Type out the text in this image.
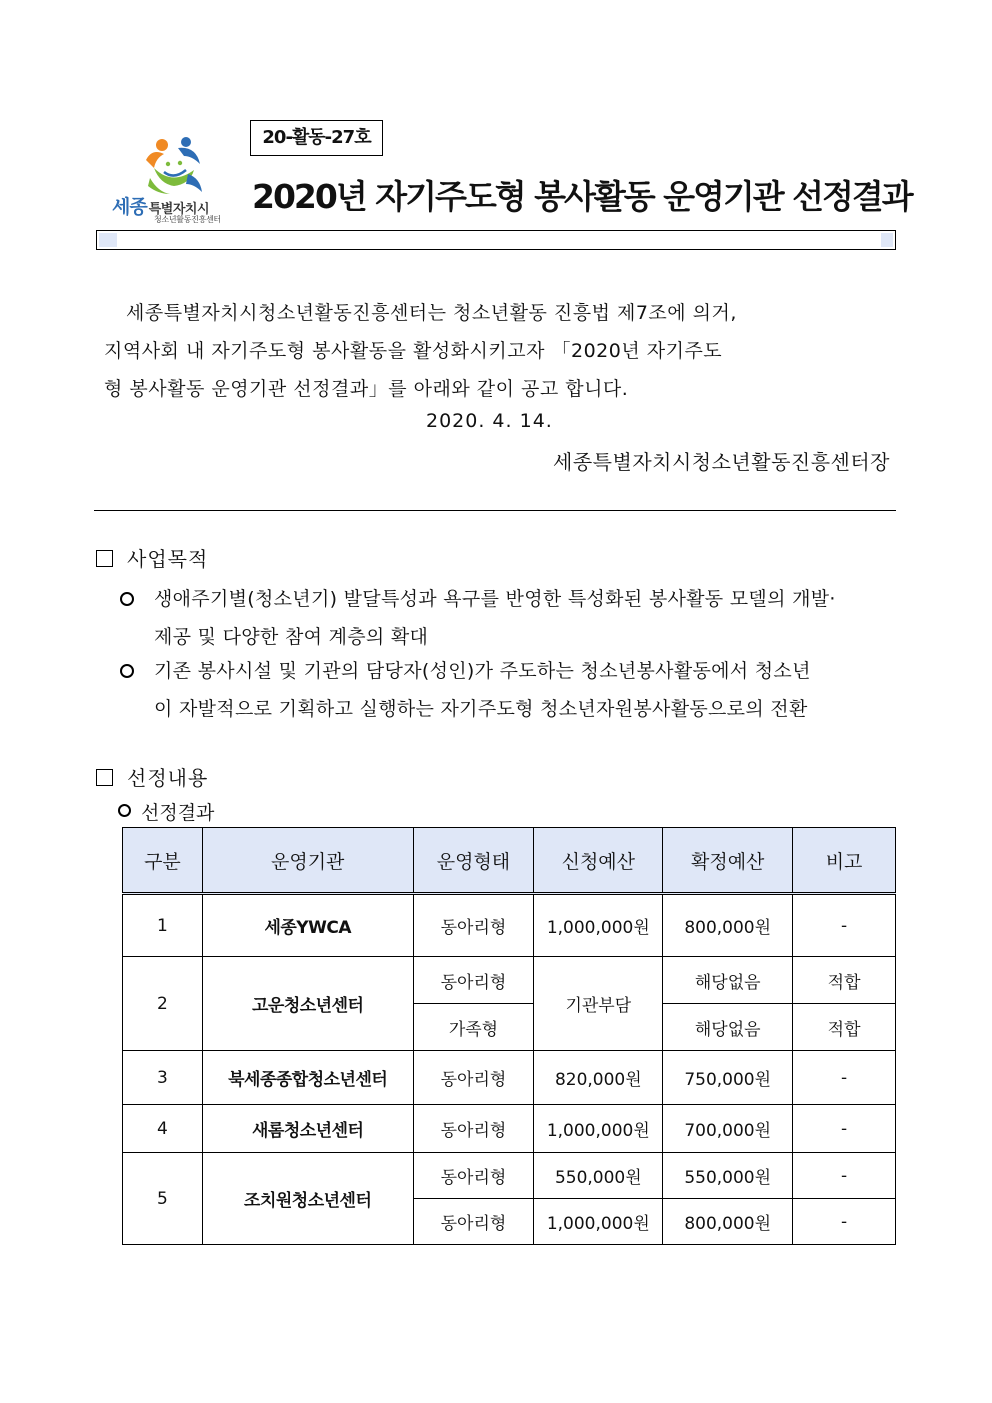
세종 특별자치시
청소년활동진흥센터
20-활동-27호
2020년 자기주도형 봉사활동 운영기관 선정결과
세종특별자치시청소년활동진흥센터는 청소년활동 진흥법 제7조에 의거,
지역사회 내 자기주도형 봉사활동을 활성화시키고자 「2020년 자기주도
형 봉사활동 운영기관 선정결과」를 아래와 같이 공고 합니다.
2020. 4. 14.
세종특별자치시청소년활동진흥센터장
사업목적
생애주기별(청소년기) 발달특성과 욕구를 반영한 특성화된 봉사활동 모델의 개발·
제공 및 다양한 참여 계층의 확대
기존 봉사시설 및 기관의 담당자(성인)가 주도하는 청소년봉사활동에서 청소년
이 자발적으로 기획하고 실행하는 자기주도형 청소년자원봉사활동으로의 전환
선정내용
선정결과
구분	운영기관	운영형태	신청예산	확정예산	비고
1	세종YWCA	동아리형	1,000,000원	800,000원	-
2	고운청소년센터	동아리형	기관부담	해당없음	적합
		가족형		해당없음	적합
3	북세종종합청소년센터	동아리형	820,000원	750,000원	-
4	새롬청소년센터	동아리형	1,000,000원	700,000원	-
5	조치원청소년센터	동아리형	550,000원	550,000원	-
		동아리형	1,000,000원	800,000원	-
